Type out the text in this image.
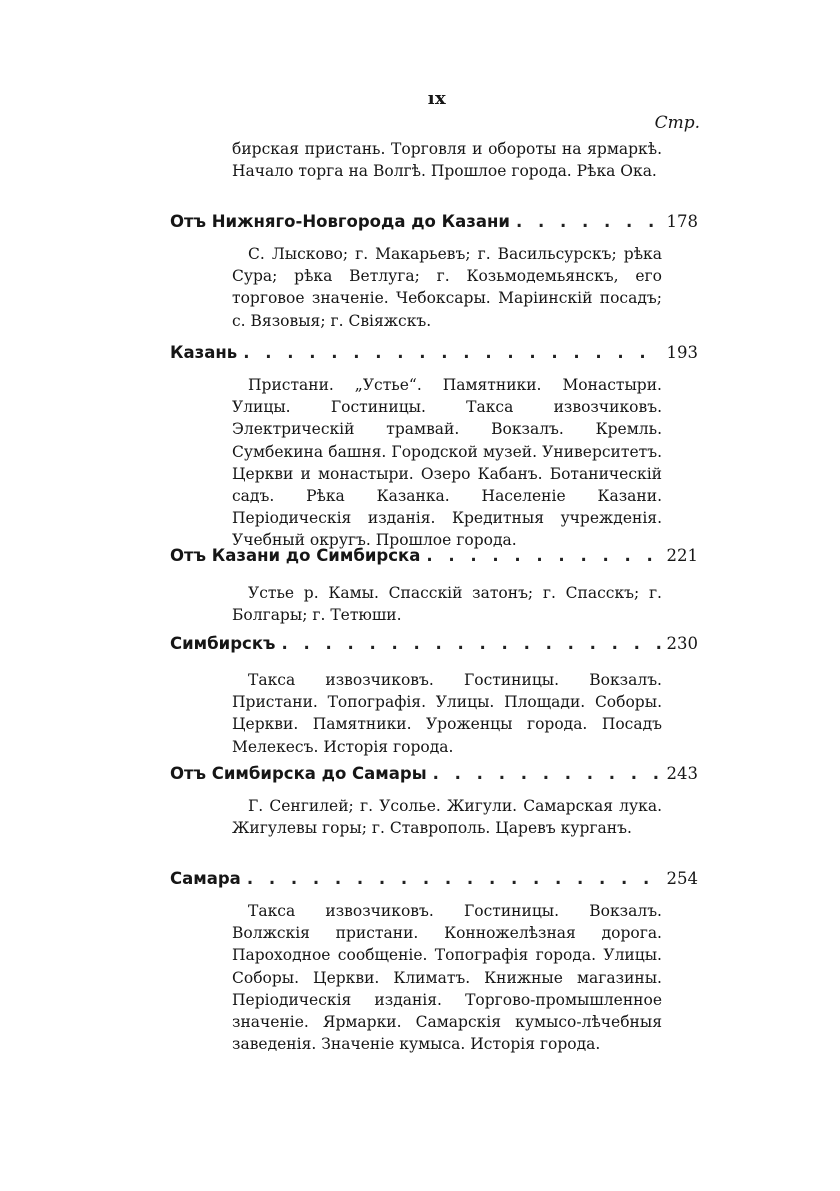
ıx
Стр.

бирская пристань. Торговля и обороты на ярмаркѣ. Начало торга на Волгѣ. Прошлое города. Рѣка Ока.

Отъ Нижняго-Новгорода до Казани . . .	178

С. Лысково; г. Макарьевъ; г. Васильсурскъ; рѣка Сура; рѣка Ветлуга; г. Козьмодемьянскъ, его торговое значенiе. Чебоксары. Маріинскій посадъ; с. Вязовыя; г. Свiяжскъ.

Казань . . .	193

Пристани. „Устье“. Памятники. Монастыри. Улицы. Гостиницы. Такса извозчиковъ. Электрическій трамвай. Вокзалъ. Кремль. Сумбекина башня. Городской музей. Университетъ. Церкви и монастыри. Озеро Кабанъ. Ботаническій садъ. Рѣка Казанка. Населенiе Казани. Періодическія изданія. Кредитныя учрежденія. Учебный округъ. Прошлое города.

Отъ Казани до Симбирска . . .	221

Устье р. Камы. Спасскій затонъ; г. Спасскъ; г. Болгары; г. Тетюши.

Симбирскъ . . .	230

Такса извозчиковъ. Гостиницы. Вокзалъ. Пристани. Топографія. Улицы. Площади. Соборы. Церкви. Памятники. Уроженцы города. Посадъ Мелекесъ. Исторія города.

Отъ Симбирска до Самары . . .	243

Г. Сенгилей; г. Усолье. Жигули. Самарская лука. Жигулевы горы; г. Ставрополь. Царевъ курганъ.

Самара . . .	254

Такса извозчиковъ. Гостиницы. Вокзалъ. Волжскія пристани. Конножелѣзная дорога. Пароходное сообщеніе. Топографія города. Улицы. Соборы. Церкви. Климатъ. Книжные магазины. Періодическія изданія. Торгово-промышленное значеніе. Ярмарки. Самарскія кумысо-лѣчебныя заведенія. Значеніе кумыса. Исторія города.
